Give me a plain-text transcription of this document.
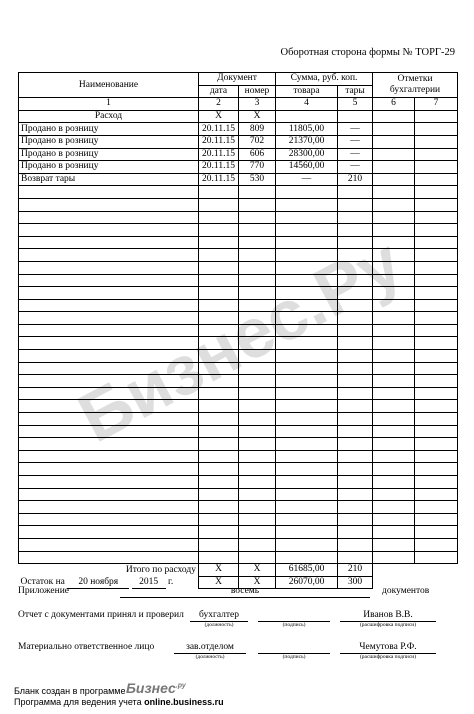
Оборотная сторона формы № ТОРГ-29
Наименование	Документ		Сумма, руб. коп.		Отметки бухгалтерии	
	дата	номер	товара	тары		
1	2	3	4	5	6	7
Расход	X	X				
Продано в розницу	20.11.15	809	11805,00	—		
Продано в розницу	20.11.15	702	21370,00	—		
Продано в розницу	20.11.15	606	28300,00	—		
Продано в розницу	20.11.15	770	14560,00	—		
Возврат тары	20.11.15	530	—	210		

Итого по расходу	X	X	61685,00	210		
Остаток на 20 ноября 2015 г.	X	X	26070,00	300		
Бизнес.Ру
Приложение	восемь	документов
Отчет с документами принял и проверил	бухгалтер	Иванов В.В.
(должность)	(подпись)	(расшифровка подписи)
Материально ответственное лицо	зав.отделом	Чемутова Р.Ф.
(должность)	(подпись)	(расшифровка подписи)
Бланк создан в программе Бизнес$^{.ру}$
Программа для ведения учета online.business.ru
